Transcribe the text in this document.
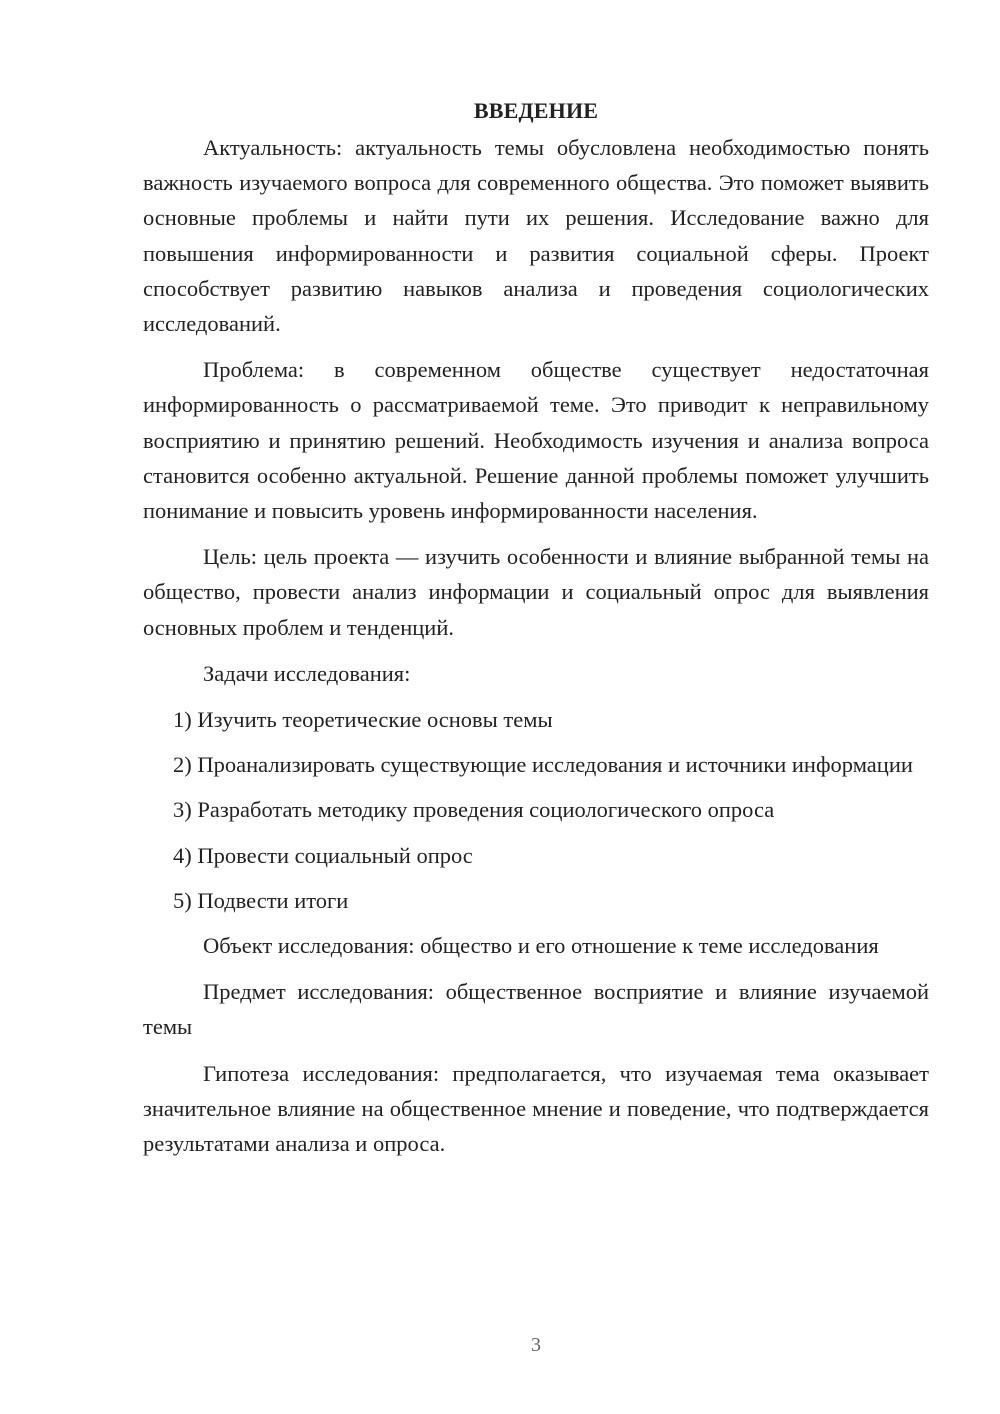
ВВЕДЕНИЕ

Актуальность: актуальность темы обусловлена необходимостью понять важность изучаемого вопроса для современного общества. Это поможет выявить основные проблемы и найти пути их решения. Исследование важно для повышения информированности и развития социальной сферы. Проект способствует развитию навыков анализа и проведения социологических исследований.

Проблема: в современном обществе существует недостаточная информированность о рассматриваемой теме. Это приводит к неправильному восприятию и принятию решений. Необходимость изучения и анализа вопроса становится особенно актуальной. Решение данной проблемы поможет улучшить понимание и повысить уровень информированности населения.

Цель: цель проекта — изучить особенности и влияние выбранной темы на общество, провести анализ информации и социальный опрос для выявления основных проблем и тенденций.

Задачи исследования:

1) Изучить теоретические основы темы

2) Проанализировать существующие исследования и источники информации

3) Разработать методику проведения социологического опроса

4) Провести социальный опрос

5) Подвести итоги

Объект исследования: общество и его отношение к теме исследования

Предмет исследования: общественное восприятие и влияние изучаемой темы

Гипотеза исследования: предполагается, что изучаемая тема оказывает значительное влияние на общественное мнение и поведение, что подтверждается результатами анализа и опроса.

3
